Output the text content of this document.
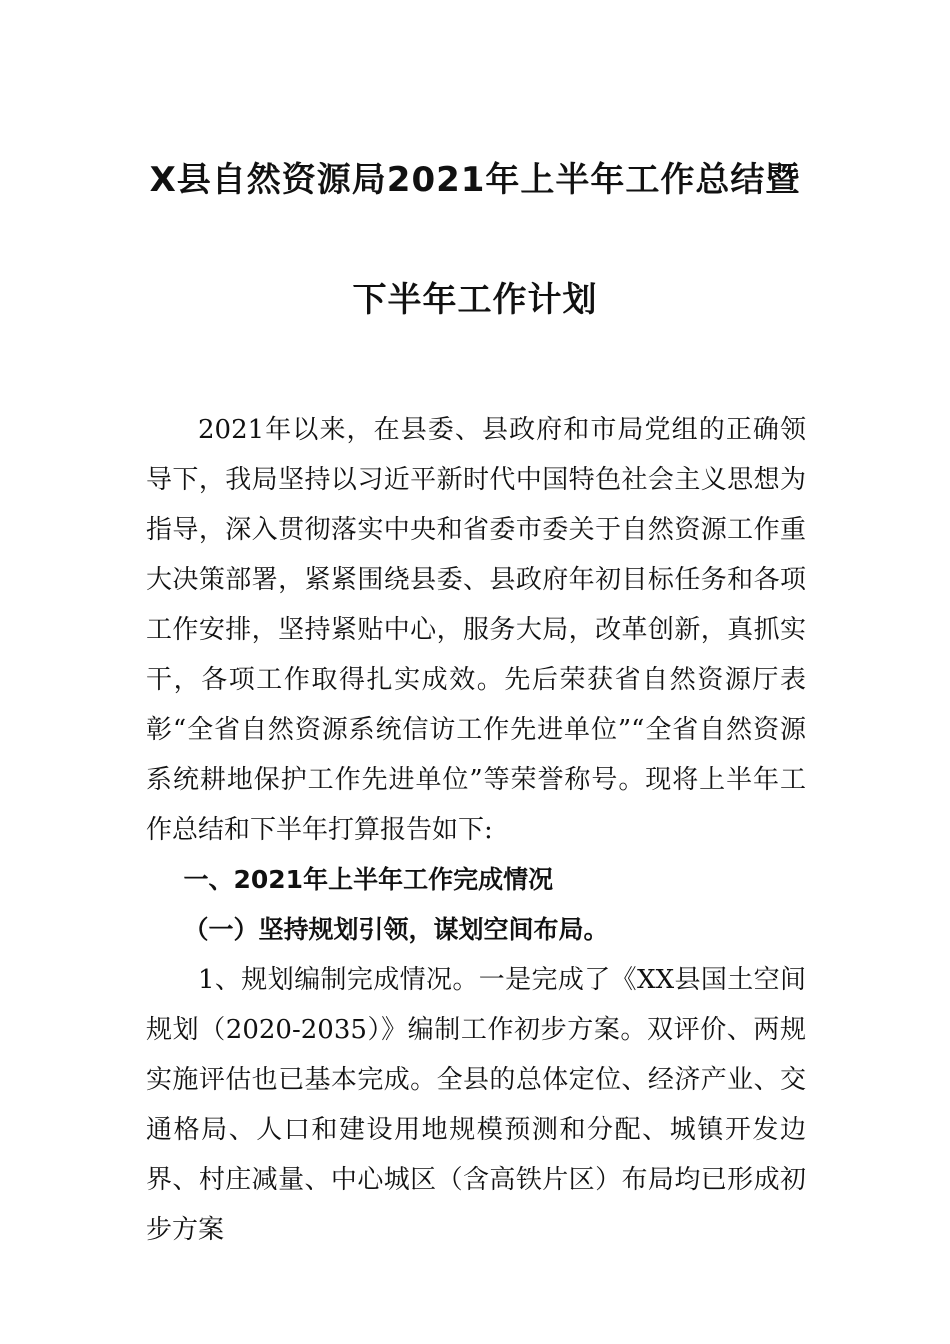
X县自然资源局2021年上半年工作总结暨
下半年工作计划

2021年以来，在县委、县政府和市局党组的正确领导下，我局坚持以习近平新时代中国特色社会主义思想为指导，深入贯彻落实中央和省委市委关于自然资源工作重大决策部署，紧紧围绕县委、县政府年初目标任务和各项工作安排，坚持紧贴中心，服务大局，改革创新，真抓实干，各项工作取得扎实成效。先后荣获省自然资源厅表彰“全省自然资源系统信访工作先进单位”“全省自然资源系统耕地保护工作先进单位”等荣誉称号。现将上半年工作总结和下半年打算报告如下:

一、2021年上半年工作完成情况

（一）坚持规划引领，谋划空间布局。

1、规划编制完成情况。一是完成了《XX县国土空间规划（2020-2035）》编制工作初步方案。双评价、两规实施评估也已基本完成。全县的总体定位、经济产业、交通格局、人口和建设用地规模预测和分配、城镇开发边界、村庄减量、中心城区（含高铁片区）布局均已形成初步方案
